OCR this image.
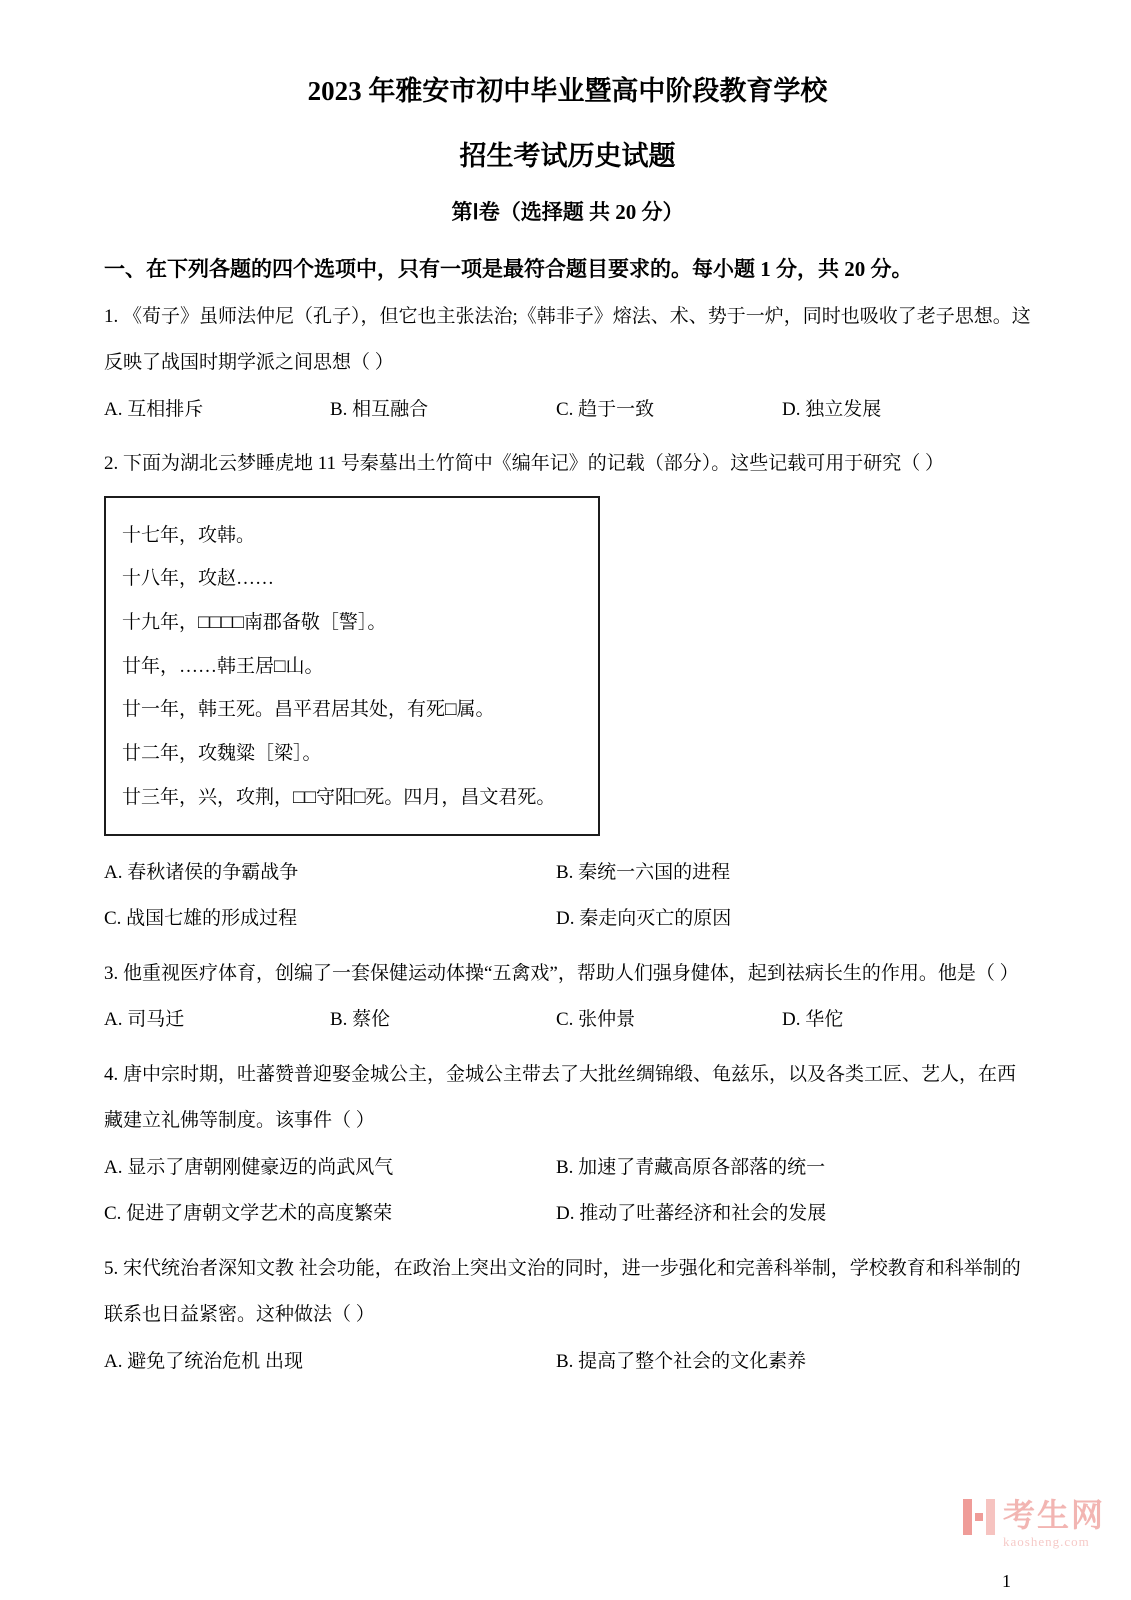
2023 年雅安市初中毕业暨高中阶段教育学校
招生考试历史试题
第Ⅰ卷（选择题 共 20 分）
一、在下列各题的四个选项中，只有一项是最符合题目要求的。每小题 1 分，共 20 分。

1. 《荀子》虽师法仲尼（孔子），但它也主张法治;《韩非子》熔法、术、势于一炉，同时也吸收了老子思想。这反映了战国时期学派之间思想（ ）

A. 互相排斥	B. 相互融合	C. 趋于一致	D. 独立发展

2. 下面为湖北云梦睡虎地 11 号秦墓出土竹简中《编年记》的记载（部分）。这些记载可用于研究（ ）

十七年，攻韩。

十八年，攻赵……

十九年，□□□□南郡备敬［警］。

廿年，……韩王居□山。

廿一年，韩王死。昌平君居其处，有死□属。

廿二年，攻魏粱［梁］。

廿三年，兴，攻荆，□□守阳□死。四月，昌文君死。

A. 春秋诸侯的争霸战争	B. 秦统一六国的进程
C. 战国七雄的形成过程	D. 秦走向灭亡的原因

3. 他重视医疗体育，创编了一套保健运动体操“五禽戏”，帮助人们强身健体，起到祛病长生的作用。他是（ ）

A. 司马迁	B. 蔡伦	C. 张仲景	D. 华佗

4. 唐中宗时期，吐蕃赞普迎娶金城公主，金城公主带去了大批丝绸锦缎、龟兹乐，以及各类工匠、艺人，在西藏建立礼佛等制度。该事件（ ）

A. 显示了唐朝刚健豪迈的尚武风气	B. 加速了青藏高原各部落的统一
C. 促进了唐朝文学艺术的高度繁荣	D. 推动了吐蕃经济和社会的发展

5. 宋代统治者深知文教 社会功能，在政治上突出文治的同时，进一步强化和完善科举制，学校教育和科举制的联系也日益紧密。这种做法（ ）

A. 避免了统治危机 出现	B. 提高了整个社会的文化素养
考生网
kaosheng.com
1
